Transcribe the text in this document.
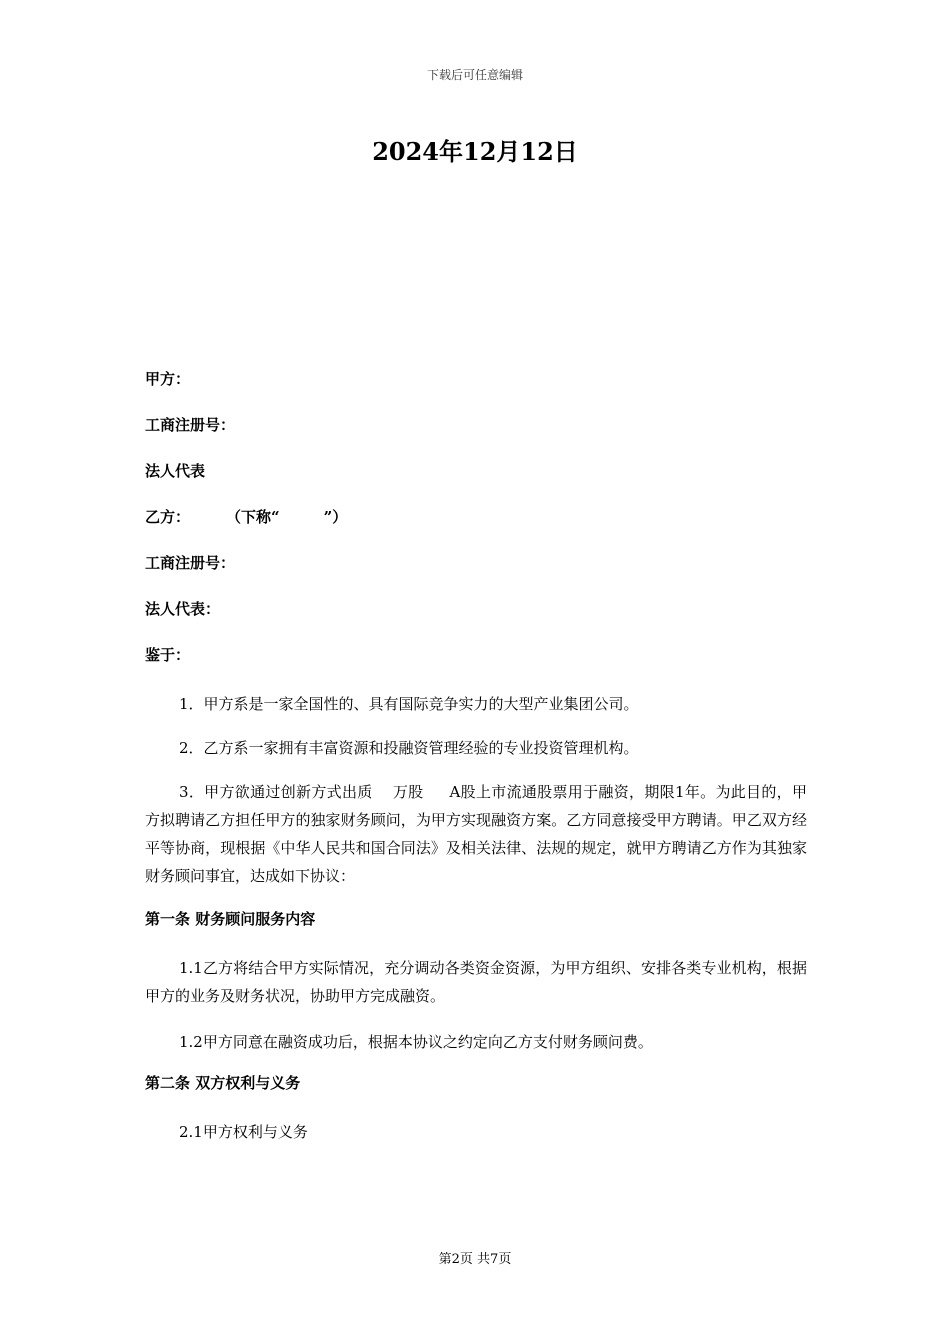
下载后可任意编辑
2024年12月12日

甲方：

工商注册号：

法人代表

乙方： （下称“	”）

工商注册号：

法人代表：

鉴于：

1．甲方系是一家全国性的、具有国际竞争实力的大型产业集团公司。

2．乙方系一家拥有丰富资源和投融资管理经验的专业投资管理机构。

3．甲方欲通过创新方式出质 万股 A股上市流通股票用于融资，期限1年。为此目的，甲方拟聘请乙方担任甲方的独家财务顾问，为甲方实现融资方案。乙方同意接受甲方聘请。甲乙双方经平等协商，现根据《中华人民共和国合同法》及相关法律、法规的规定，就甲方聘请乙方作为其独家财务顾问事宜，达成如下协议：

第一条 财务顾问服务内容

1.1乙方将结合甲方实际情况，充分调动各类资金资源，为甲方组织、安排各类专业机构，根据甲方的业务及财务状况，协助甲方完成融资。

1.2甲方同意在融资成功后，根据本协议之约定向乙方支付财务顾问费。

第二条 双方权利与义务

2.1甲方权利与义务

第2页 共7页
